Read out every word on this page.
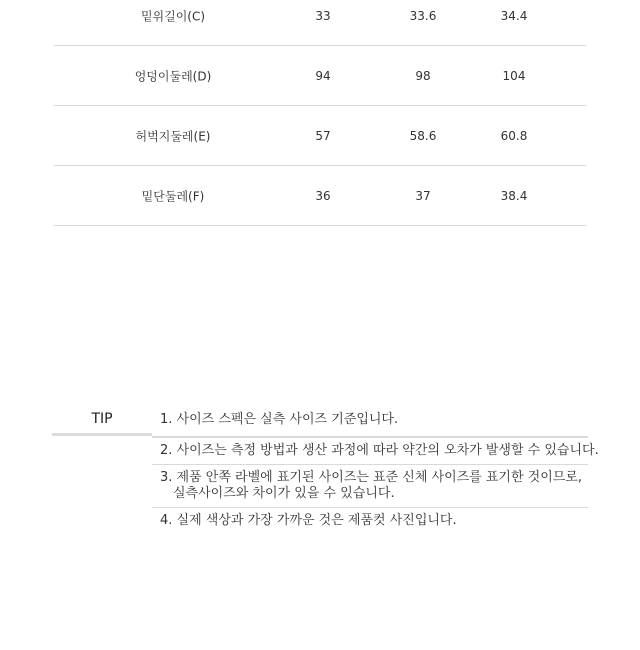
밑위길이(C)	33	33.6	34.4
엉덩이둘레(D)	94	98	104
허벅지둘레(E)	57	58.6	60.8
밑단둘레(F)	36	37	38.4
TIP	1. 사이즈 스펙은 실측 사이즈 기준입니다.
2. 사이즈는 측정 방법과 생산 과정에 따라 약간의 오차가 발생할 수 있습니다.
3. 제품 안쪽 라벨에 표기된 사이즈는 표준 신체 사이즈를 표기한 것이므로,
실측사이즈와 차이가 있을 수 있습니다.
4. 실제 색상과 가장 가까운 것은 제품컷 사진입니다.
